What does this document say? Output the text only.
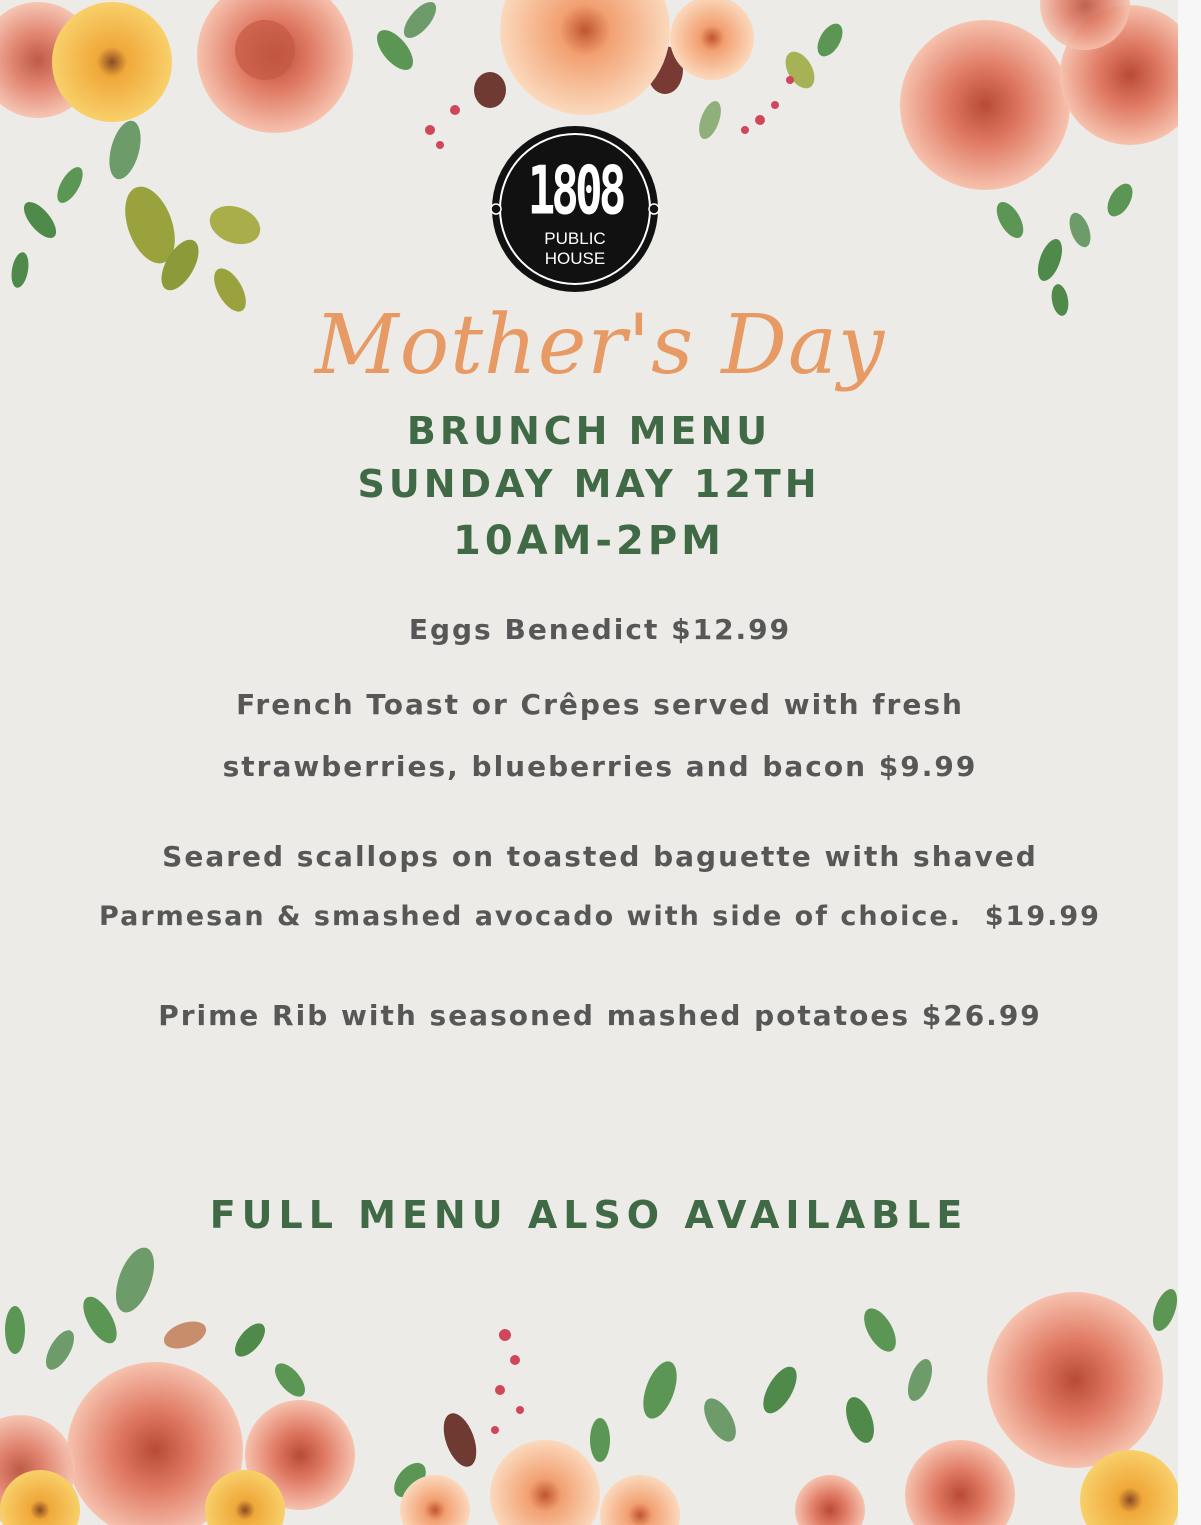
1808
PUBLIC
HOUSE
Mother's Day
BRUNCH MENU
SUNDAY MAY 12TH
10AM-2PM
Eggs Benedict $12.99
French Toast or Crêpes served with fresh
strawberries, blueberries and bacon $9.99
Seared scallops on toasted baguette with shaved
Parmesan & smashed avocado with side of choice.  $19.99
Prime Rib with seasoned mashed potatoes $26.99
FULL MENU ALSO AVAILABLE
